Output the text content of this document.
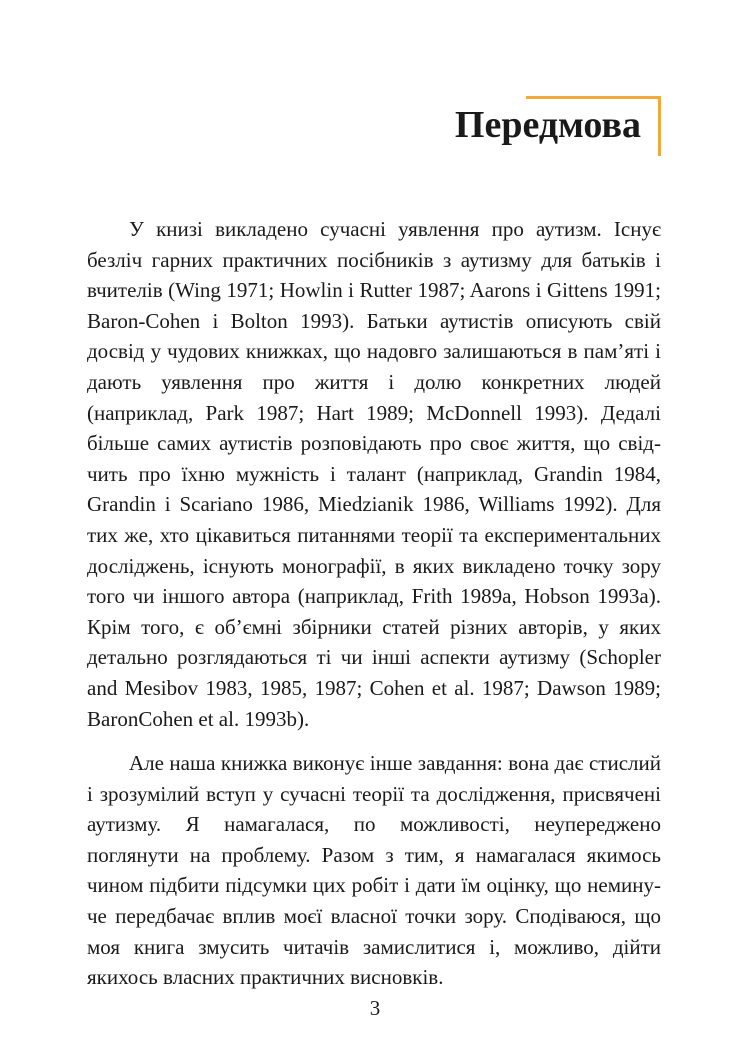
Передмова

У книзі викладено сучасні уявлення про аутизм. Існує безліч гарних практичних посібників з аутизму для батьків і вчителів (Wing 1971; Howlin і Rutter 1987; Aarons і Gittens 1991; Baron-Cohen і Bolton 1993). Батьки аутистів описують свій досвід у чудових книжках, що надовго залишаються в пам’яті і дають уявлення про життя і долю конкретних людей (наприклад, Park 1987; Hart 1989; McDonnell 1993). Дедалі більше самих аутистів розповідають про своє життя, що свідчить про їхню мужність і талант (наприклад, Grandin 1984, Grandin і Scariano 1986, Miedzianik 1986, Williams 1992). Для тих же, хто цікавиться питаннями теорії та експериментальних досліджень, існують монографії, в яких викладено точку зору того чи іншого автора (наприклад, Frith 1989a, Hobson 1993a). Крім того, є об’ємні збірники статей різних авторів, у яких детально розглядаються ті чи інші аспекти аутизму (Schopler and Mesibov 1983, 1985, 1987; Cohen et al. 1987; Dawson 1989; BaronCohen et al. 1993b).

Але наша книжка виконує інше завдання: вона дає стислий і зрозумілий вступ у сучасні теорії та дослідження, присвячені аутизму. Я намагалася, по можливості, неупереджено поглянути на проблему. Разом з тим, я намагалася якимось чином підбити підсумки цих робіт і дати їм оцінку, що неминуче передбачає вплив моєї власної точки зору. Сподіваюся, що моя книга змусить читачів замислитися і, можливо, дійти якихось власних практичних висновків.

3
